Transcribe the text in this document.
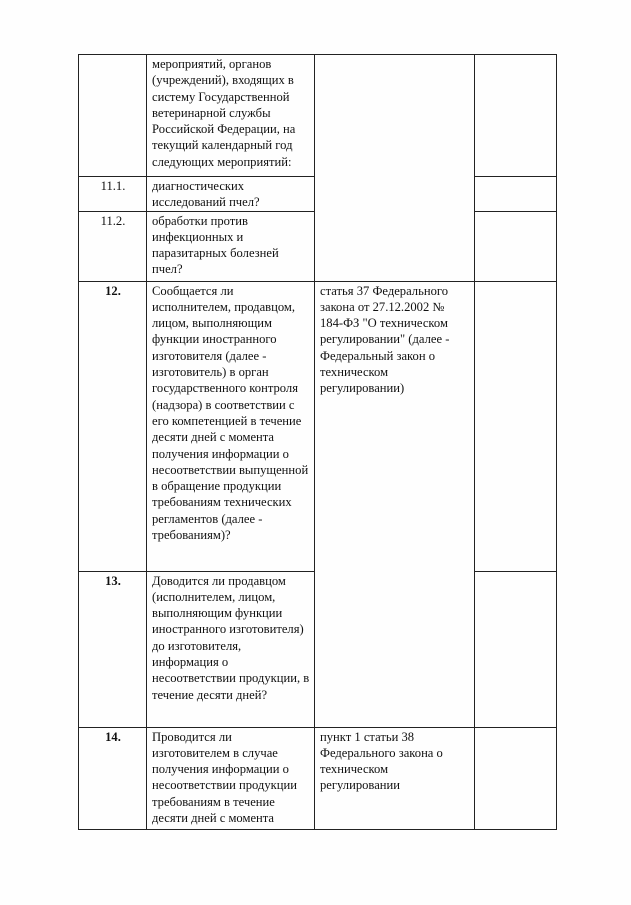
	мероприятий, органов (учреждений), входящих в систему Государственной ветеринарной службы Российской Федерации, на текущий календарный год следующих мероприятий:		
11.1.	диагностических исследований пчел?		
11.2.	обработки против инфекционных и паразитарных болезней пчел?		
12.	Сообщается ли исполнителем, продавцом, лицом, выполняющим функции иностранного изготовителя (далее - изготовитель) в орган государственного контроля (надзора) в соответствии с его компетенцией в течение десяти дней с момента получения информации о несоответствии выпущенной в обращение продукции требованиям технических регламентов (далее - требованиям)?	статья 37 Федерального закона от 27.12.2002 № 184-ФЗ "О техническом регулировании" (далее - Федеральный закон о техническом регулировании)	
13.	Доводится ли продавцом (исполнителем, лицом, выполняющим функции иностранного изготовителя) до изготовителя, информация о несоответствии продукции, в течение десяти дней?		
14.	Проводится ли изготовителем в случае получения информации о несоответствии продукции требованиям в течение десяти дней с момента	пункт 1 статьи 38 Федерального закона о техническом регулировании	
